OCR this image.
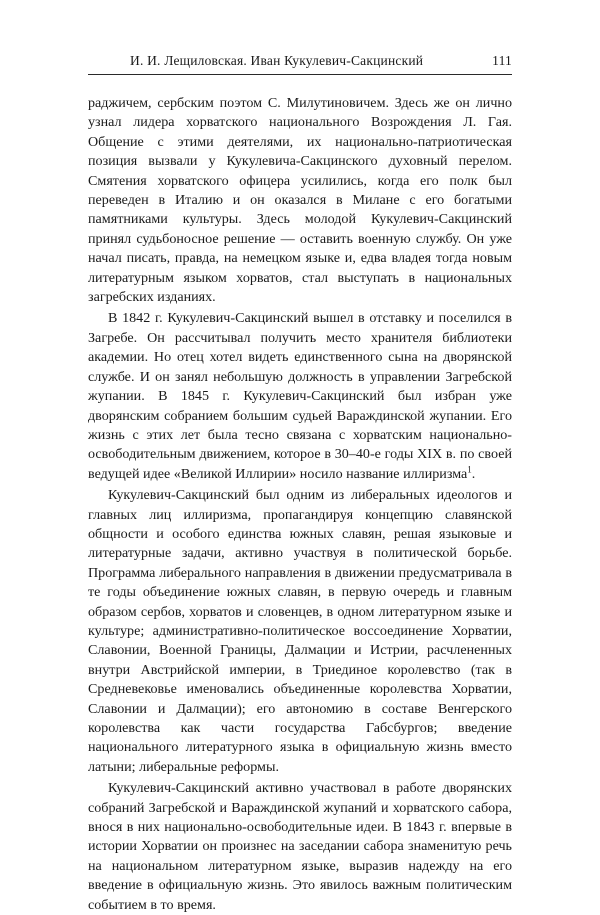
И. И. Лещиловская. Иван Кукулевич-Сакцинский	111

раджичем, сербским поэтом С. Милутиновичем. Здесь же он лично узнал лидера хорватского национального Возрождения Л. Гая. Общение с этими деятелями, их национально-патриотическая позиция вызвали у Кукулевича-Сакцинского духовный перелом. Смятения хорватского офицера усилились, когда его полк был переведен в Италию и он оказался в Милане с его богатыми памятниками культуры. Здесь молодой Кукулевич-Сакцинский принял судьбоносное решение — оставить военную службу. Он уже начал писать, правда, на немецком языке и, едва владея тогда новым литературным языком хорватов, стал выступать в национальных загребских изданиях.

В 1842 г. Кукулевич-Сакцинский вышел в отставку и поселился в Загребе. Он рассчитывал получить место хранителя библиотеки академии. Но отец хотел видеть единственного сына на дворянской службе. И он занял небольшую должность в управлении Загребской жупании. В 1845 г. Кукулевич-Сакцинский был избран уже дворянским собранием большим судьей Вараждинской жупании. Его жизнь с этих лет была тесно связана с хорватским национально-освободительным движением, которое в 30–40-е годы XIX в. по своей ведущей идее «Великой Иллирии» носило название иллиризма$^1$.

Кукулевич-Сакцинский был одним из либеральных идеологов и главных лиц иллиризма, пропагандируя концепцию славянской общности и особого единства южных славян, решая языковые и литературные задачи, активно участвуя в политической борьбе. Программа либерального направления в движении предусматривала в те годы объединение южных славян, в первую очередь и главным образом сербов, хорватов и словенцев, в одном литературном языке и культуре; административно-политическое воссоединение Хорватии, Славонии, Военной Границы, Далмации и Истрии, расчлененных внутри Австрийской империи, в Триединое королевство (так в Средневековье именовались объединенные королевства Хорватии, Славонии и Далмации); его автономию в составе Венгерского королевства как части государства Габсбургов; введение национального литературного языка в официальную жизнь вместо латыни; либеральные реформы.

Кукулевич-Сакцинский активно участвовал в работе дворянских собраний Загребской и Вараждинской жупаний и хорватского сабора, внося в них национально-освободительные идеи. В 1843 г. впервые в истории Хорватии он произнес на заседании сабора знаменитую речь на национальном литературном языке, выразив надежду на его введение в официальную жизнь. Это явилось важным политическим событием в то время.
